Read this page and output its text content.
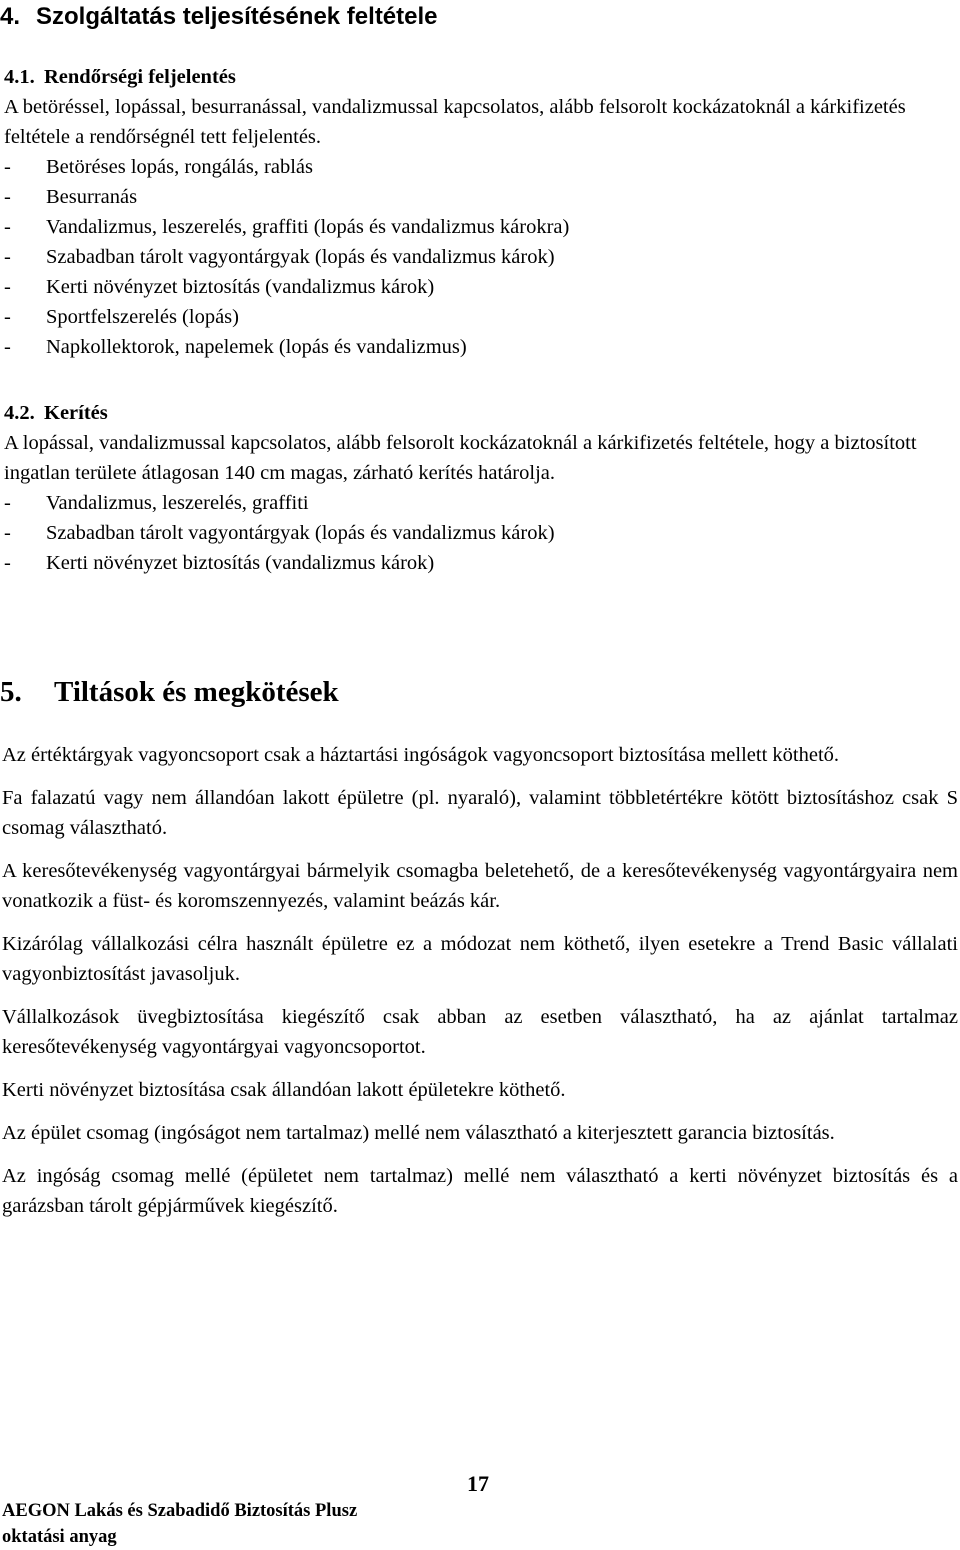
4. Szolgáltatás teljesítésének feltétele
4.1. Rendőrségi feljelentés

A betöréssel, lopással, besurranással, vandalizmussal kapcsolatos, alább felsorolt kockázatoknál a kárkifizetés feltétele a rendőrségnél tett feljelentés.

- Betöréses lopás, rongálás, rablás
- Besurranás
- Vandalizmus, leszerelés, graffiti (lopás és vandalizmus károkra)
- Szabadban tárolt vagyontárgyak (lopás és vandalizmus károk)
- Kerti növényzet biztosítás (vandalizmus károk)
- Sportfelszerelés (lopás)
- Napkollektorok, napelemek (lopás és vandalizmus)
4.2. Kerítés

A lopással, vandalizmussal kapcsolatos, alább felsorolt kockázatoknál a kárkifizetés feltétele, hogy a biztosított ingatlan területe átlagosan 140 cm magas, zárható kerítés határolja.

- Vandalizmus, leszerelés, graffiti
- Szabadban tárolt vagyontárgyak (lopás és vandalizmus károk)
- Kerti növényzet biztosítás (vandalizmus károk)
5. Tiltások és megkötések

Az értéktárgyak vagyoncsoport csak a háztartási ingóságok vagyoncsoport biztosítása mellett köthető.

Fa falazatú vagy nem állandóan lakott épületre (pl. nyaraló), valamint többletértékre kötött biztosításhoz csak S csomag választható.

A keresőtevékenység vagyontárgyai bármelyik csomagba beletehető, de a keresőtevékenység vagyontárgyaira nem vonatkozik a füst- és koromszennyezés, valamint beázás kár.

Kizárólag vállalkozási célra használt épületre ez a módozat nem köthető, ilyen esetekre a Trend Basic vállalati vagyonbiztosítást javasoljuk.

Vállalkozások üvegbiztosítása kiegészítő csak abban az esetben választható, ha az ajánlat tartalmaz keresőtevékenység vagyontárgyai vagyoncsoportot.

Kerti növényzet biztosítása csak állandóan lakott épületekre köthető.

Az épület csomag (ingóságot nem tartalmaz) mellé nem választható a kiterjesztett garancia biztosítás.

Az ingóság csomag mellé (épületet nem tartalmaz) mellé nem választható a kerti növényzet biztosítás és a garázsban tárolt gépjárművek kiegészítő.

17
AEGON Lakás és Szabadidő Biztosítás Plusz
oktatási anyag
